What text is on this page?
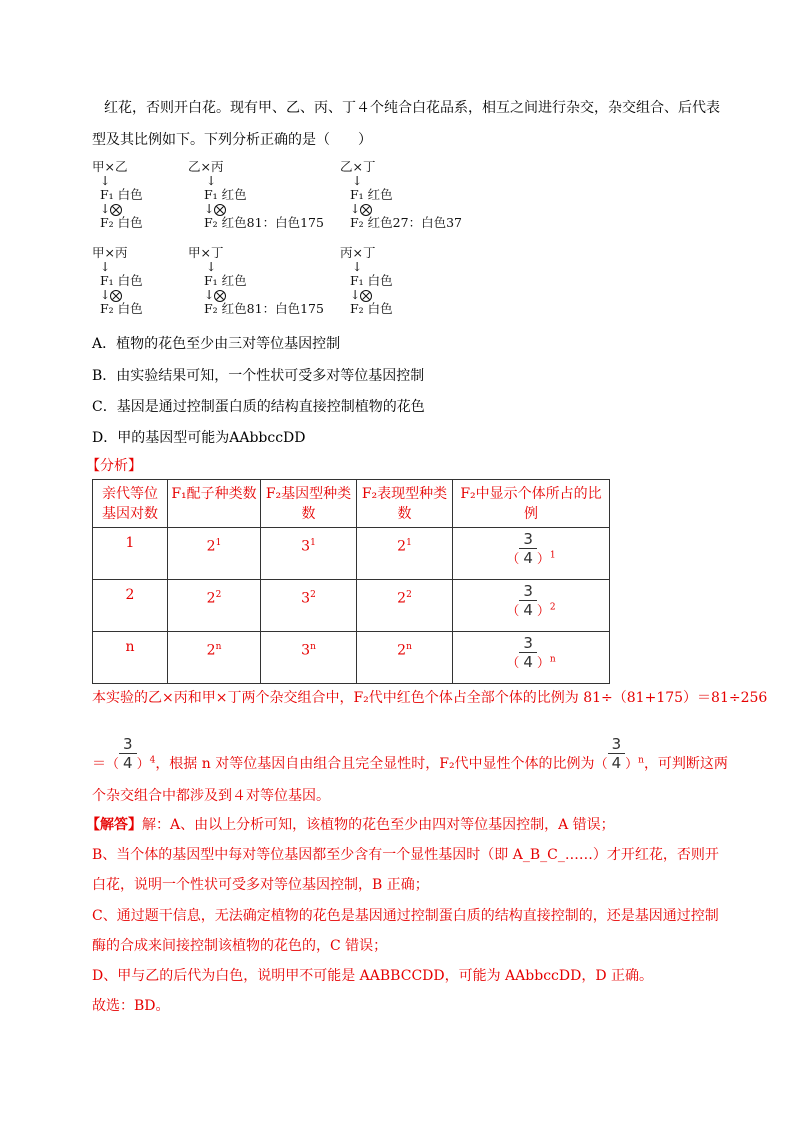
红花，否则开白花。现有甲、乙、丙、丁４个纯合白花品系，相互之间进行杂交，杂交组合、后代表
型及其比例如下。下列分析正确的是（　　）
甲×乙
↓
F₁ 白色
↓
F₂ 白色
乙×丙
↓
F₁ 红色
↓
F₂ 红色81：白色175
乙×丁
↓
F₁ 红色
↓
F₂ 红色27：白色37
甲×丙
↓
F₁ 白色
↓
F₂ 白色
甲×丁
↓
F₁ 红色
↓
F₂ 红色81：白色175
丙×丁
↓
F₁ 白色
↓
F₂ 白色
A．植物的花色至少由三对等位基因控制
B．由实验结果可知，一个性状可受多对等位基因控制
C．基因是通过控制蛋白质的结构直接控制植物的花色
D．甲的基因型可能为AAbbccDD
【分析】
亲代等位基因对数	F₁配子种类数	F₂基因型种类数	F₂表现型种类数	F₂中显示个体所占的比例

1	$2^1$	$3^1$	$2^1$	（ $\frac{3}{4} )^1$

2	$2^2$	$3^2$	$2^2$	（ $\frac{3}{4} )^2$

n	2$^n$	3$^n$	2$^n$	（ $\frac{3}{4} )^n$
本实验的乙×丙和甲×丁两个杂交组合中，F₂代中红色个体占全部个体的比例为 81÷（81+175）＝81÷256
＝（ $\frac{3}{4} )^4$，根据 n 对等位基因自由组合且完全显性时，F₂代中显性个体的比例为（ $\frac{3}{4} )^n$，可判断这两
个杂交组合中都涉及到４对等位基因。
【解答】解：A、由以上分析可知，该植物的花色至少由四对等位基因控制，A 错误；
B、当个体的基因型中每对等位基因都至少含有一个显性基因时（即 A_B_C_……）才开红花，否则开
白花，说明一个性状可受多对等位基因控制，B 正确；
C、通过题干信息，无法确定植物的花色是基因通过控制蛋白质的结构直接控制的，还是基因通过控制
酶的合成来间接控制该植物的花色的，C 错误；
D、甲与乙的后代为白色，说明甲不可能是 AABBCCDD，可能为 AAbbccDD，D 正确。
故选：BD。
